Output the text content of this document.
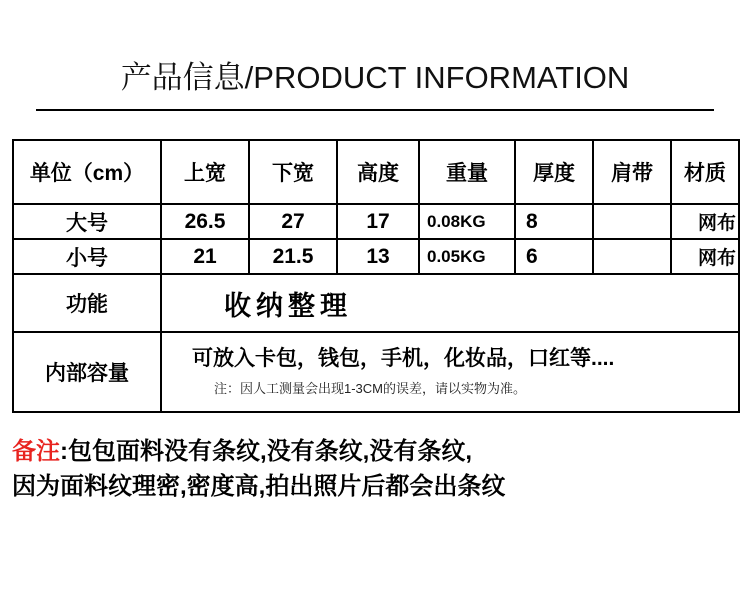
产品信息/PRODUCT INFORMATION
单位（cm）	上宽	下宽	高度	重量	厚度	肩带	材质
大号	26.5	27	17	0.08KG	8		网布
小号	21	21.5	13	0.05KG	6		网布
功能	收纳整理						
内部容量	可放入卡包，钱包，手机，化妆品，口红等....
注：因人工测量会出现1-3CM的误差，请以实物为准。						
备注:包包面料没有条纹,没有条纹,没有条纹,
因为面料纹理密,密度高,拍出照片后都会出条纹
